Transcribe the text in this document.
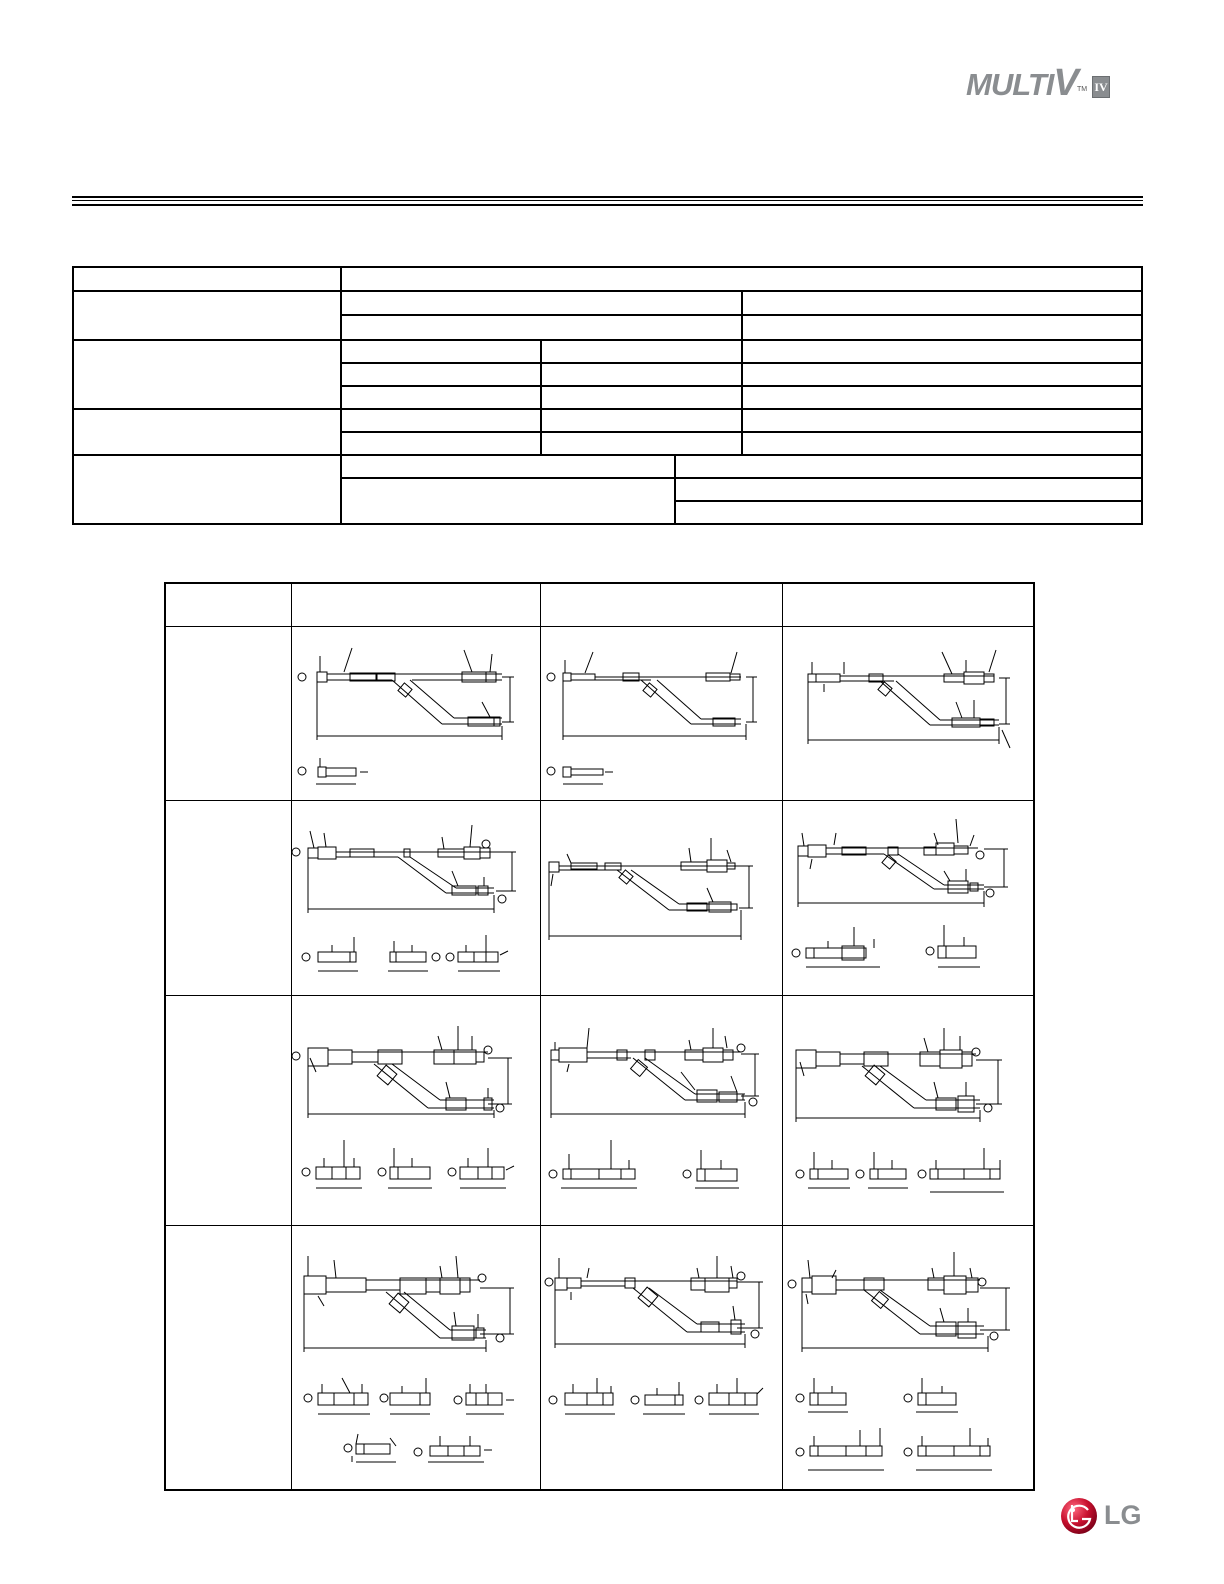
MULTIV TM IV
LG
